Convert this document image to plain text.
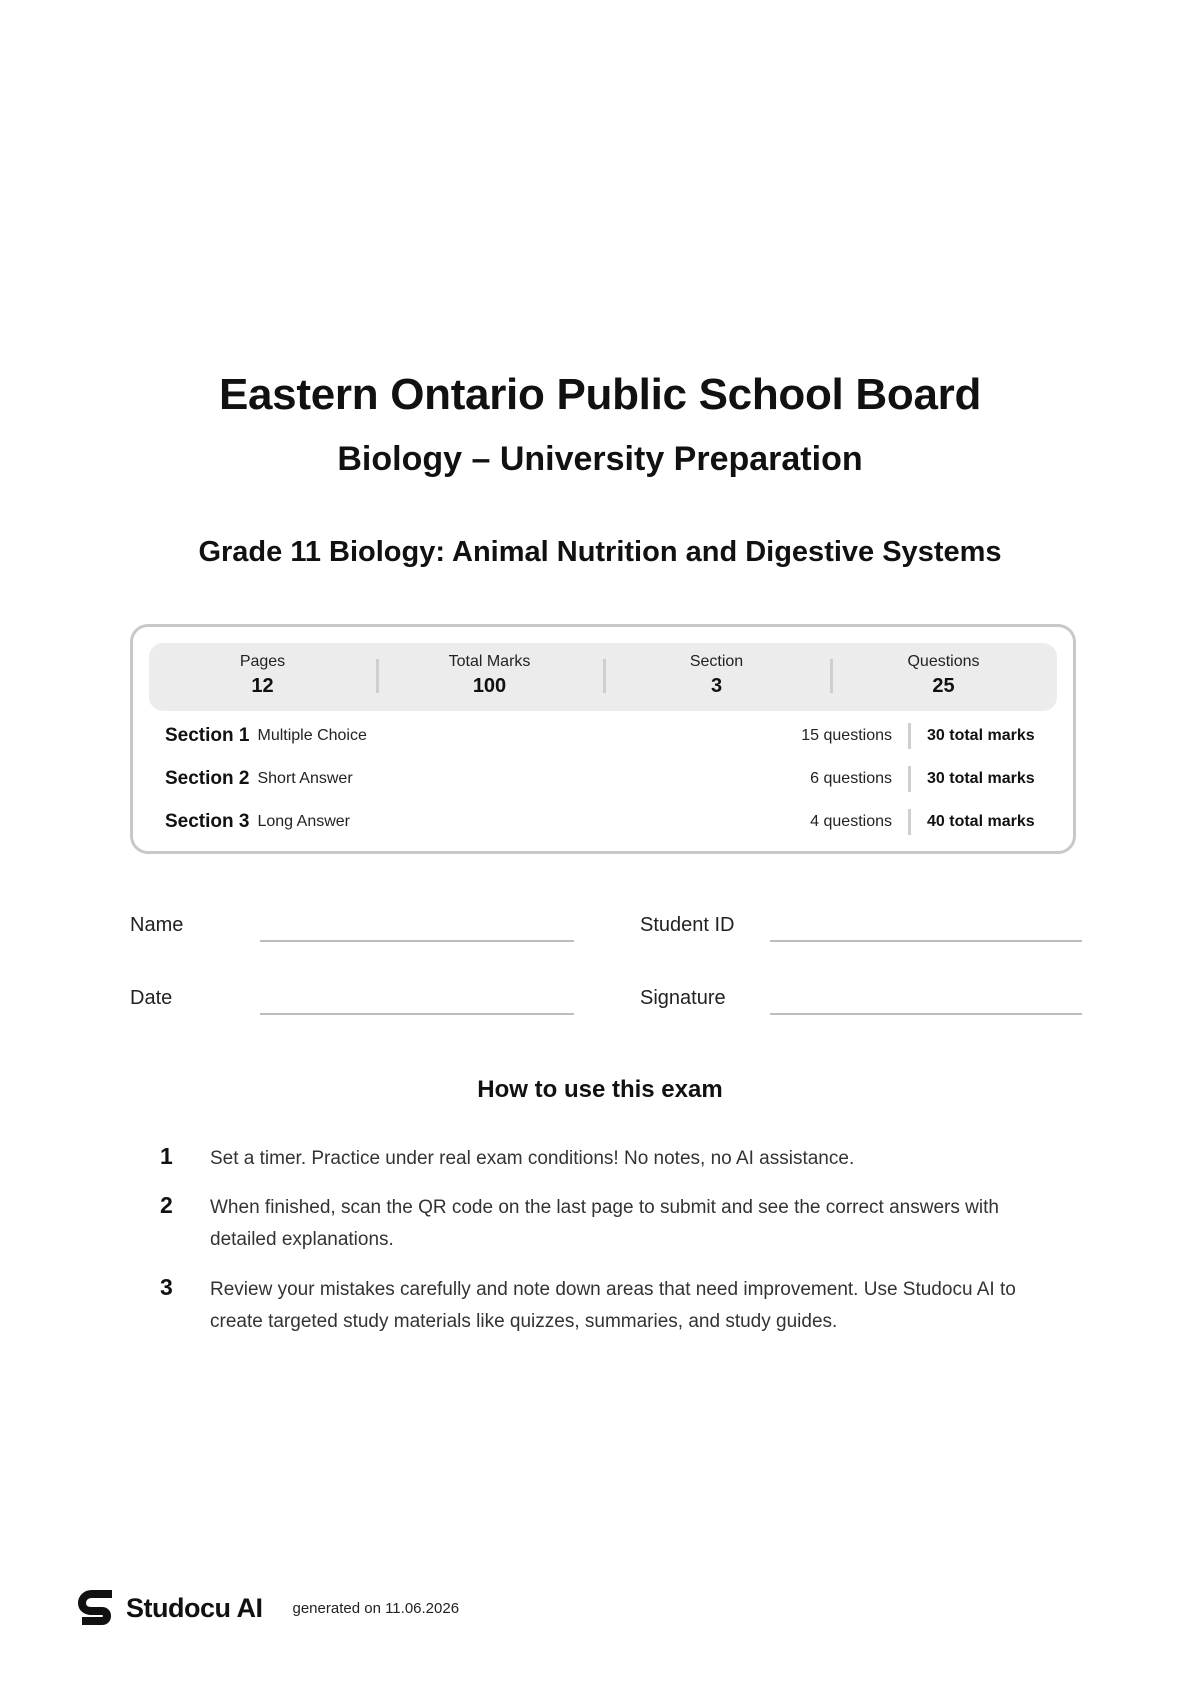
Eastern Ontario Public School Board
Biology – University Preparation
Grade 11 Biology: Animal Nutrition and Digestive Systems
Pages
12
Total Marks
100
Section
3
Questions
25
Section 1 Multiple Choice	15 questions	30 total marks
Section 2 Short Answer	6 questions	30 total marks
Section 3 Long Answer	4 questions	40 total marks
Name	Student ID
Date	Signature
How to use this exam
1 Set a timer. Practice under real exam conditions! No notes, no AI assistance.
2 When finished, scan the QR code on the last page to submit and see the correct answers with detailed explanations.
3 Review your mistakes carefully and note down areas that need improvement. Use Studocu AI to create targeted study materials like quizzes, summaries, and study guides.
Studocu AI generated on 11.06.2026
